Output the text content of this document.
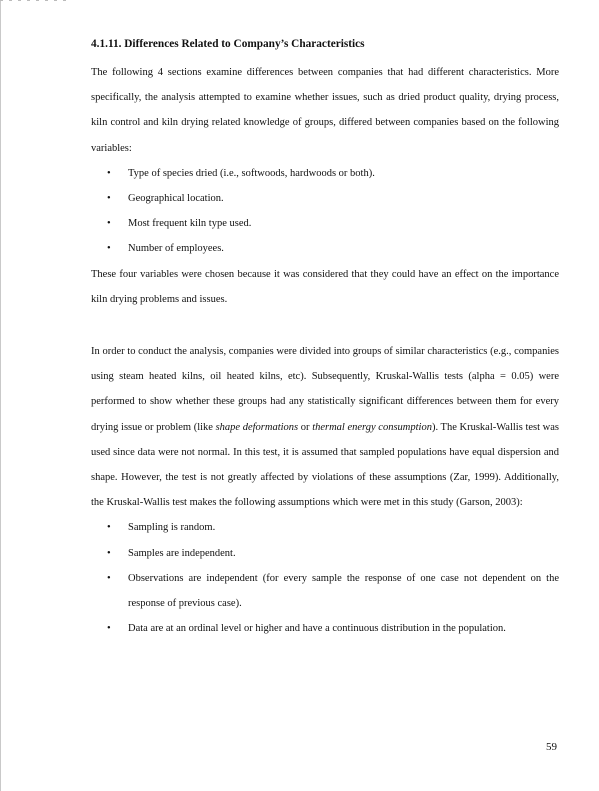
4.1.11. Differences Related to Company’s Characteristics

The following 4 sections examine differences between companies that had different characteristics. More specifically, the analysis attempted to examine whether issues, such as dried product quality, drying process, kiln control and kiln drying related knowledge of groups, differed between companies based on the following variables:

• Type of species dried (i.e., softwoods, hardwoods or both).
• Geographical location.
• Most frequent kiln type used.
• Number of employees.

These four variables were chosen because it was considered that they could have an effect on the importance kiln drying problems and issues.

In order to conduct the analysis, companies were divided into groups of similar characteristics (e.g., companies using steam heated kilns, oil heated kilns, etc). Subsequently, Kruskal-Wallis tests (alpha = 0.05) were performed to show whether these groups had any statistically significant differences between them for every drying issue or problem (like shape deformations or thermal energy consumption). The Kruskal-Wallis test was used since data were not normal. In this test, it is assumed that sampled populations have equal dispersion and shape. However, the test is not greatly affected by violations of these assumptions (Zar, 1999). Additionally, the Kruskal-Wallis test makes the following assumptions which were met in this study (Garson, 2003):

• Sampling is random.
• Samples are independent.
• Observations are independent (for every sample the response of one case not dependent on the response of previous case).
• Data are at an ordinal level or higher and have a continuous distribution in the population.
59
